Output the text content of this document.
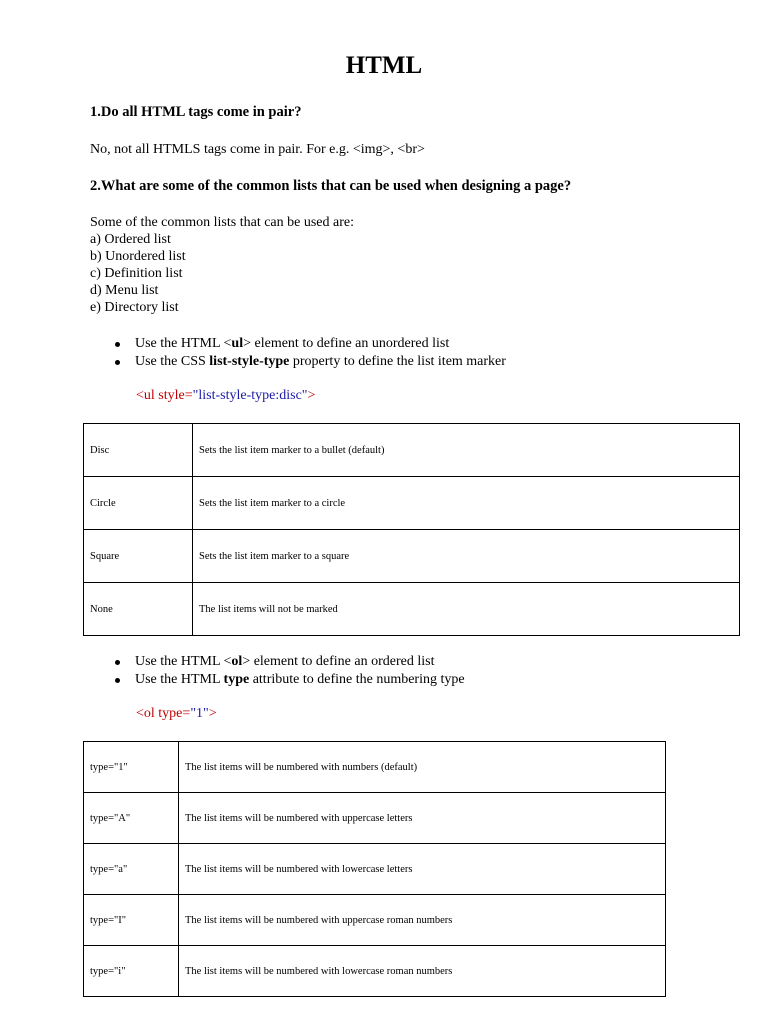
HTML
1.Do all HTML tags come in pair?
No, not all HTMLS tags come in pair. For e.g. <img>, <br>
2.What are some of the common lists that can be used when designing a page?
Some of the common lists that can be used are:
a) Ordered list
b) Unordered list
c) Definition list
d) Menu list
e) Directory list
Use the HTML <ul> element to define an unordered list
Use the CSS list-style-type property to define the list item marker
<ul style="list-style-type:disc">
Disc	Sets the list item marker to a bullet (default)
Circle	Sets the list item marker to a circle
Square	Sets the list item marker to a square
None	The list items will not be marked
Use the HTML <ol> element to define an ordered list
Use the HTML type attribute to define the numbering type
<ol type="1">
type="1"	The list items will be numbered with numbers (default)
type="A"	The list items will be numbered with uppercase letters
type="a"	The list items will be numbered with lowercase letters
type="I"	The list items will be numbered with uppercase roman numbers
type="i"	The list items will be numbered with lowercase roman numbers
